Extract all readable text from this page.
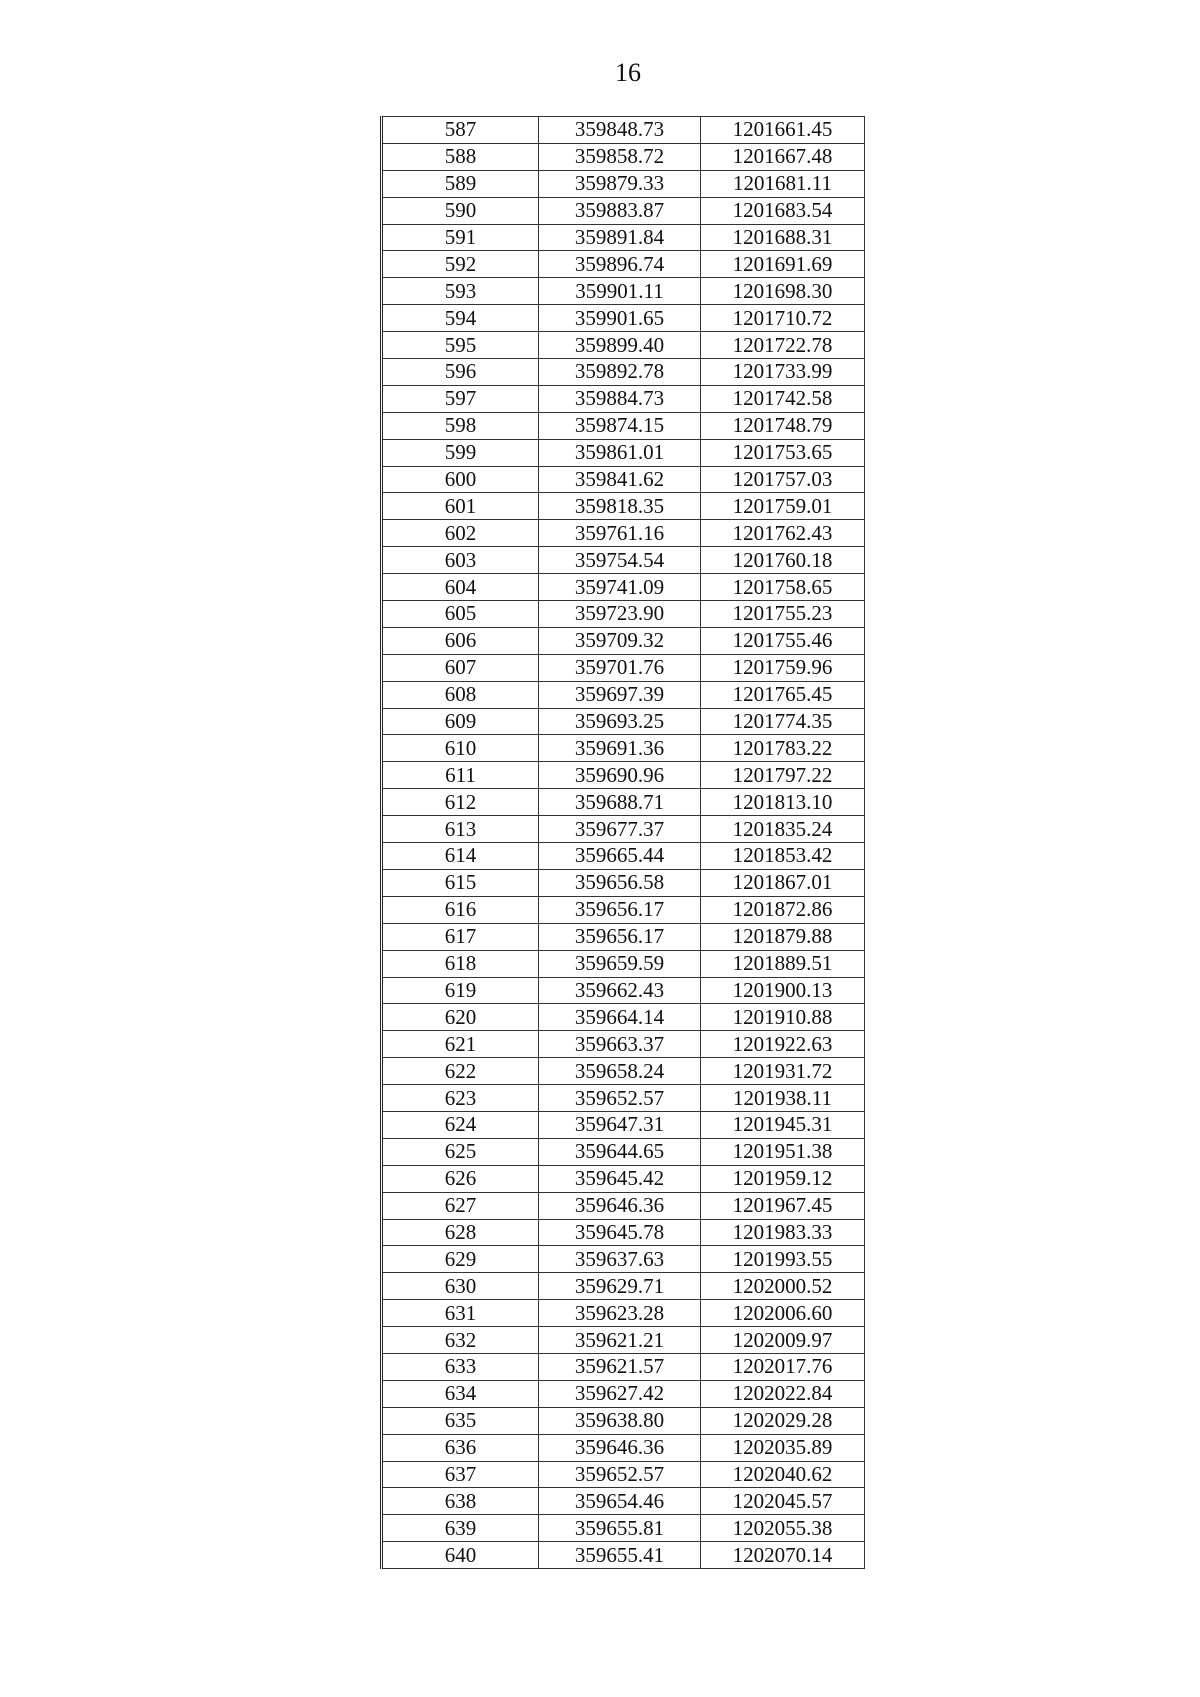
16
587	359848.73	1201661.45
588	359858.72	1201667.48
589	359879.33	1201681.11
590	359883.87	1201683.54
591	359891.84	1201688.31
592	359896.74	1201691.69
593	359901.11	1201698.30
594	359901.65	1201710.72
595	359899.40	1201722.78
596	359892.78	1201733.99
597	359884.73	1201742.58
598	359874.15	1201748.79
599	359861.01	1201753.65
600	359841.62	1201757.03
601	359818.35	1201759.01
602	359761.16	1201762.43
603	359754.54	1201760.18
604	359741.09	1201758.65
605	359723.90	1201755.23
606	359709.32	1201755.46
607	359701.76	1201759.96
608	359697.39	1201765.45
609	359693.25	1201774.35
610	359691.36	1201783.22
611	359690.96	1201797.22
612	359688.71	1201813.10
613	359677.37	1201835.24
614	359665.44	1201853.42
615	359656.58	1201867.01
616	359656.17	1201872.86
617	359656.17	1201879.88
618	359659.59	1201889.51
619	359662.43	1201900.13
620	359664.14	1201910.88
621	359663.37	1201922.63
622	359658.24	1201931.72
623	359652.57	1201938.11
624	359647.31	1201945.31
625	359644.65	1201951.38
626	359645.42	1201959.12
627	359646.36	1201967.45
628	359645.78	1201983.33
629	359637.63	1201993.55
630	359629.71	1202000.52
631	359623.28	1202006.60
632	359621.21	1202009.97
633	359621.57	1202017.76
634	359627.42	1202022.84
635	359638.80	1202029.28
636	359646.36	1202035.89
637	359652.57	1202040.62
638	359654.46	1202045.57
639	359655.81	1202055.38
640	359655.41	1202070.14
